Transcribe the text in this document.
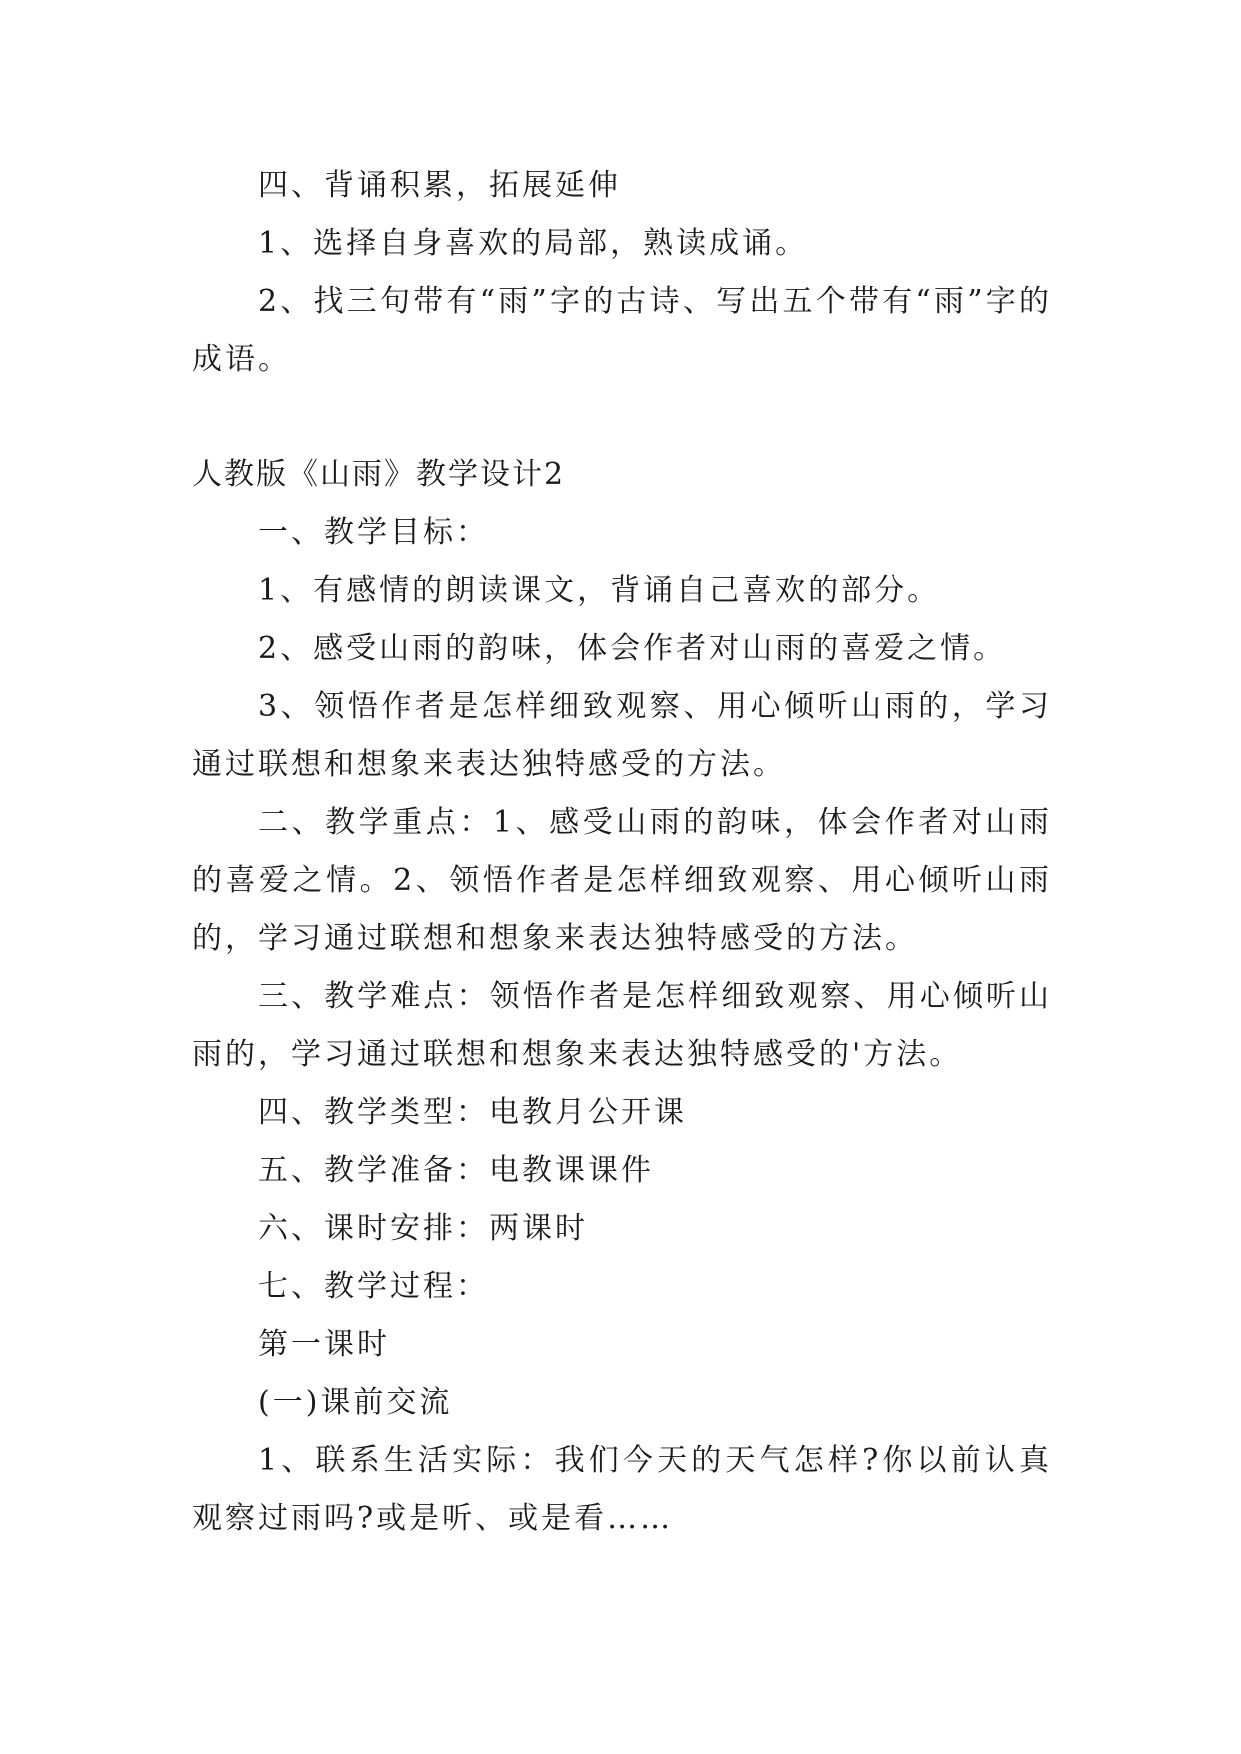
四、背诵积累，拓展延伸

1、选择自身喜欢的局部，熟读成诵。

2、找三句带有“雨”字的古诗、写出五个带有“雨”字的成语。

人教版《山雨》教学设计2

一、教学目标：

1、有感情的朗读课文，背诵自己喜欢的部分。

2、感受山雨的韵味，体会作者对山雨的喜爱之情。

3、领悟作者是怎样细致观察、用心倾听山雨的，学习通过联想和想象来表达独特感受的方法。

二、教学重点：1、感受山雨的韵味，体会作者对山雨的喜爱之情。2、领悟作者是怎样细致观察、用心倾听山雨的，学习通过联想和想象来表达独特感受的方法。

三、教学难点：领悟作者是怎样细致观察、用心倾听山雨的，学习通过联想和想象来表达独特感受的'方法。

四、教学类型：电教月公开课

五、教学准备：电教课课件

六、课时安排：两课时

七、教学过程：

第一课时

(一)课前交流

1、联系生活实际：我们今天的天气怎样?你以前认真观察过雨吗?或是听、或是看……
